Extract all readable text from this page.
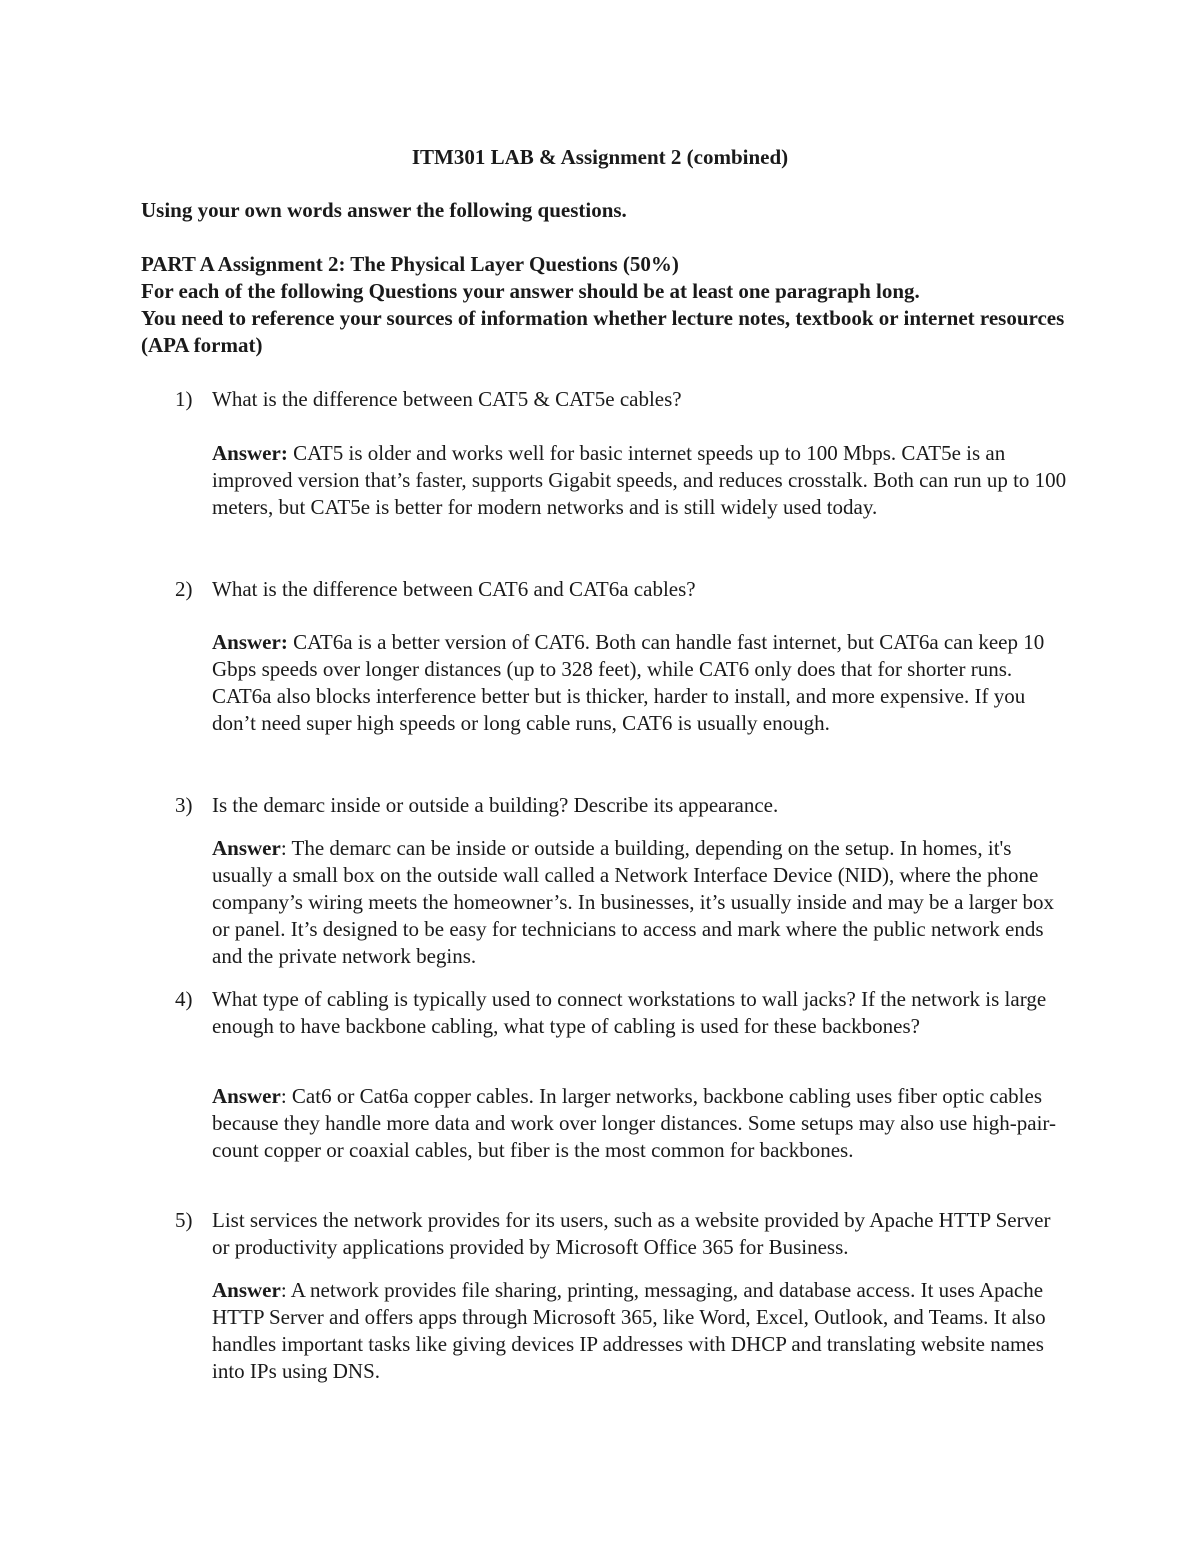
ITM301 LAB & Assignment 2 (combined)
Using your own words answer the following questions.
PART A Assignment 2: The Physical Layer Questions (50%)
For each of the following Questions your answer should be at least one paragraph long.
You need to reference your sources of information whether lecture notes, textbook or internet resources (APA format)
1) What is the difference between CAT5 & CAT5e cables?
Answer: CAT5 is older and works well for basic internet speeds up to 100 Mbps. CAT5e is an improved version that’s faster, supports Gigabit speeds, and reduces crosstalk. Both can run up to 100 meters, but CAT5e is better for modern networks and is still widely used today.
2) What is the difference between CAT6 and CAT6a cables?
Answer: CAT6a is a better version of CAT6. Both can handle fast internet, but CAT6a can keep 10 Gbps speeds over longer distances (up to 328 feet), while CAT6 only does that for shorter runs. CAT6a also blocks interference better but is thicker, harder to install, and more expensive. If you don’t need super high speeds or long cable runs, CAT6 is usually enough.
3) Is the demarc inside or outside a building? Describe its appearance.
Answer: The demarc can be inside or outside a building, depending on the setup. In homes, it's usually a small box on the outside wall called a Network Interface Device (NID), where the phone company’s wiring meets the homeowner’s. In businesses, it’s usually inside and may be a larger box or panel. It’s designed to be easy for technicians to access and mark where the public network ends and the private network begins.
4) What type of cabling is typically used to connect workstations to wall jacks? If the network is large enough to have backbone cabling, what type of cabling is used for these backbones?
Answer: Cat6 or Cat6a copper cables. In larger networks, backbone cabling uses fiber optic cables because they handle more data and work over longer distances. Some setups may also use high-pair-count copper or coaxial cables, but fiber is the most common for backbones.
5) List services the network provides for its users, such as a website provided by Apache HTTP Server or productivity applications provided by Microsoft Office 365 for Business.
Answer: A network provides file sharing, printing, messaging, and database access. It uses Apache HTTP Server and offers apps through Microsoft 365, like Word, Excel, Outlook, and Teams. It also handles important tasks like giving devices IP addresses with DHCP and translating website names into IPs using DNS.
